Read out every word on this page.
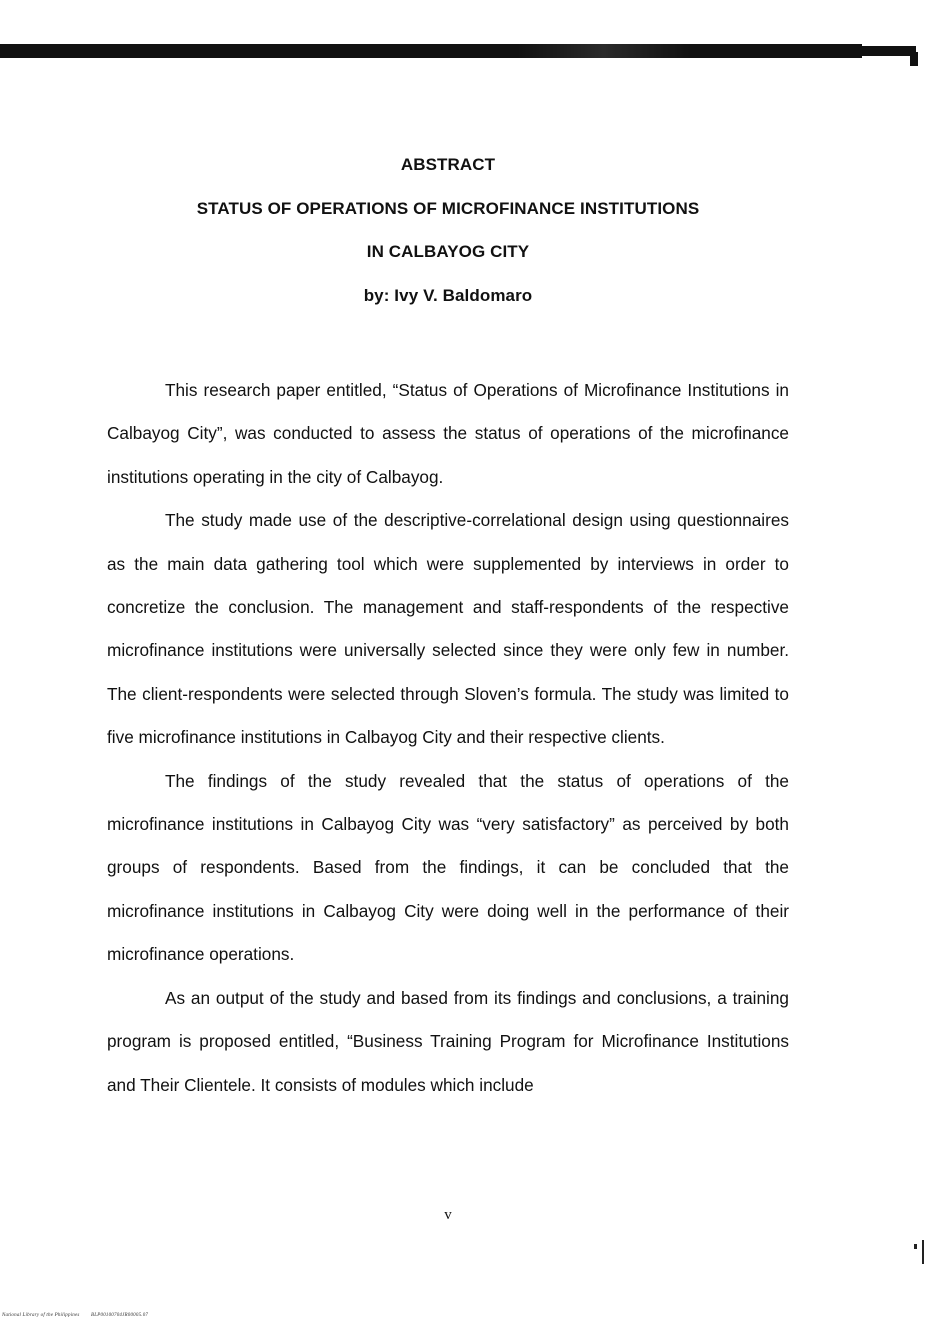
ABSTRACT
STATUS OF OPERATIONS OF MICROFINANCE INSTITUTIONS
IN CALBAYOG CITY
by: Ivy V. Baldomaro

This research paper entitled, “Status of Operations of Microfinance Institutions in Calbayog City”, was conducted to assess the status of operations of the microfinance institutions operating in the city of Calbayog.

The study made use of the descriptive-correlational design using questionnaires as the main data gathering tool which were supplemented by interviews in order to concretize the conclusion. The management and staff-respondents of the respective microfinance institutions were universally selected since they were only few in number. The client-respondents were selected through Sloven’s formula. The study was limited to five microfinance institutions in Calbayog City and their respective clients.

The findings of the study revealed that the status of operations of the microfinance institutions in Calbayog City was “very satisfactory” as perceived by both groups of respondents. Based from the findings, it can be concluded that the microfinance institutions in Calbayog City were doing well in the performance of their microfinance operations.

As an output of the study and based from its findings and conclusions, a training program is proposed entitled, “Business Training Program for Microfinance Institutions and Their Clientele. It consists of modules which include

v
National Library of the Philippines BLP00100704JR00005.07
